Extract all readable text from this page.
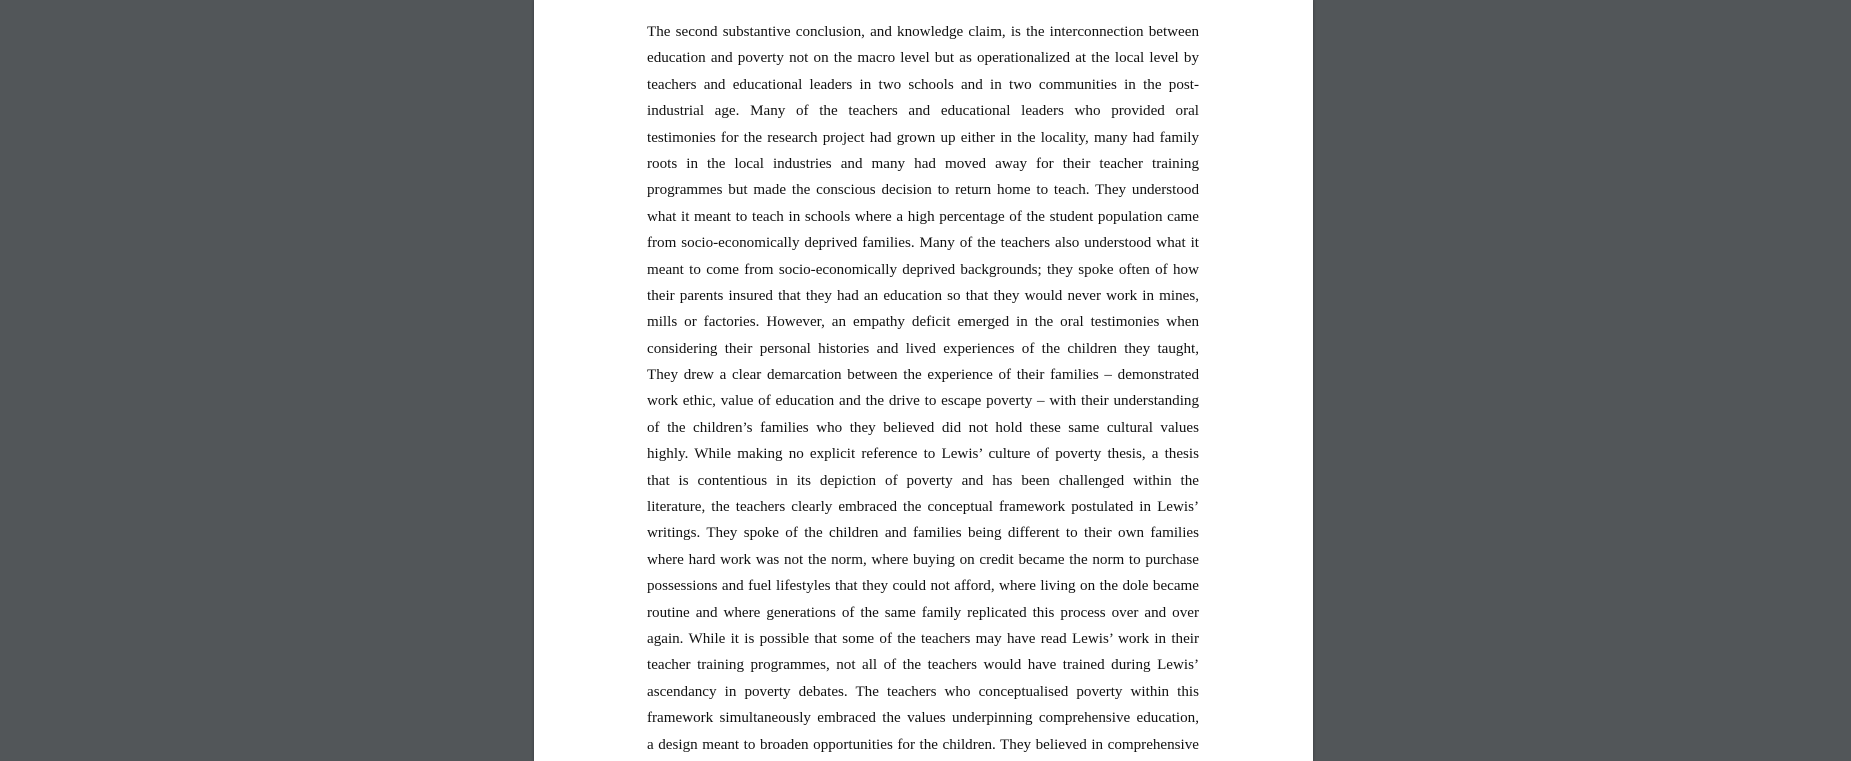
The second substantive conclusion, and knowledge claim, is the interconnection between
education and poverty not on the macro level but as operationalized at the local level by
teachers and educational leaders in two schools and in two communities in the post-
industrial age. Many of the teachers and educational leaders who provided oral
testimonies for the research project had grown up either in the locality, many had family
roots in the local industries and many had moved away for their teacher training
programmes but made the conscious decision to return home to teach. They understood
what it meant to teach in schools where a high percentage of the student population came
from socio-economically deprived families. Many of the teachers also understood what it
meant to come from socio-economically deprived backgrounds; they spoke often of how
their parents insured that they had an education so that they would never work in mines,
mills or factories. However, an empathy deficit emerged in the oral testimonies when
considering their personal histories and lived experiences of the children they taught,
They drew a clear demarcation between the experience of their families – demonstrated
work ethic, value of education and the drive to escape poverty – with their understanding
of the children’s families who they believed did not hold these same cultural values
highly. While making no explicit reference to Lewis’ culture of poverty thesis, a thesis
that is contentious in its depiction of poverty and has been challenged within the
literature, the teachers clearly embraced the conceptual framework postulated in Lewis’
writings. They spoke of the children and families being different to their own families
where hard work was not the norm, where buying on credit became the norm to purchase
possessions and fuel lifestyles that they could not afford, where living on the dole became
routine and where generations of the same family replicated this process over and over
again. While it is possible that some of the teachers may have read Lewis’ work in their
teacher training programmes, not all of the teachers would have trained during Lewis’
ascendancy in poverty debates. The teachers who conceptualised poverty within this
framework simultaneously embraced the values underpinning comprehensive education,
a design meant to broaden opportunities for the children. They believed in comprehensive
